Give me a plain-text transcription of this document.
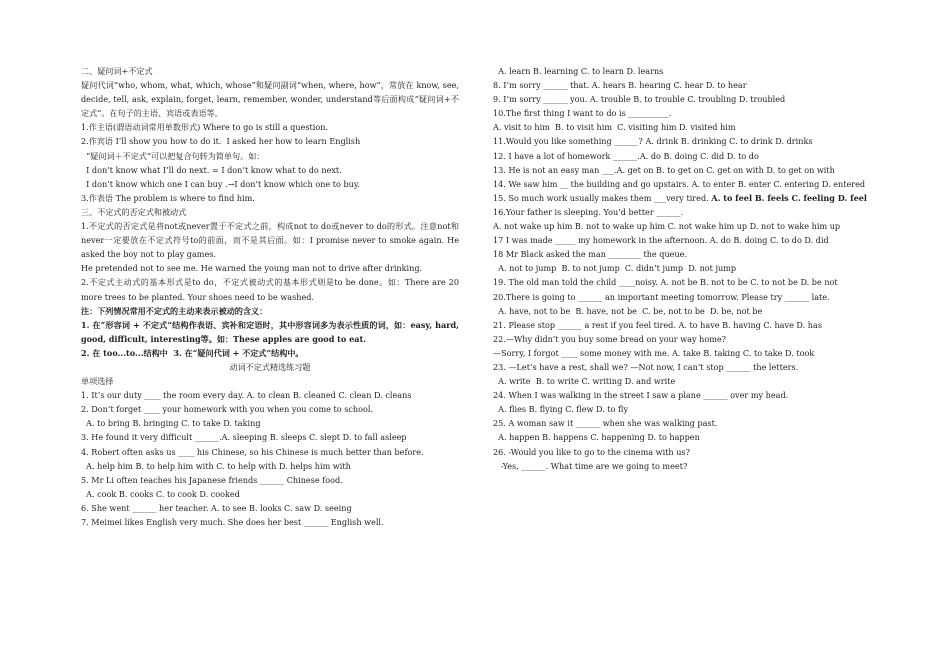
二、疑问词+不定式
疑问代词“who, whom, what, which, whose”和疑问副词“when, where, how”，常放在 know, see, decide, tell, ask, explain, forget, learn, remember, wonder, understand等后面构成“疑问词+不定式”。在句子的主语、宾语或表语等。
1.作主语(谓语动词常用单数形式) Where to go is still a question.
2.作宾语 I’ll show you how to do it.  I asked her how to learn English
“疑问词＋不定式”可以把复合句转为简单句。如：
I don’t know what I’ll do next. = I don’t know what to do next.
I don’t know which one I can buy .→I don’t know which one to buy.
3.作表语 The problem is where to find him.
三、不定式的否定式和被动式
1.不定式的否定式是将not或never置于不定式之前，构成not to do或never to do的形式。注意not和never一定要放在不定式符号to的前面，而不是其后面。如：I promise never to smoke again. He asked the boy not to play games.
He pretended not to see me. He warned the young man not to drive after drinking.
2.不定式主动式的基本形式是to do，不定式被动式的基本形式则是to be done。如：There are 20 more trees to be planted. Your shoes need to be washed.
注：下列情况常用不定式的主动来表示被动的含义：
1. 在“形容词 + 不定式”结构作表语、宾补和定语时，其中形容词多为表示性质的词，如：easy, hard, good, difficult, interesting等。如：These apples are good to eat.
2. 在 too...to...结构中  3. 在“疑问代词 + 不定式”结构中。
动词不定式精选练习题
单项选择
1. It’s our duty ____ the room every day. A. to clean B. cleaned C. clean D. cleans
2. Don’t forget ____ your homework with you when you come to school.
A. to bring B. bringing C. to take D. taking
3. He found it very difficult ______.A. sleeping B. sleeps C. slept D. to fall asleep
4. Robert often asks us ____ his Chinese, so his Chinese is much better than before.
A. help him B. to help him with C. to help with D. helps him with
5. Mr Li often teaches his Japanese friends ______ Chinese food.
A. cook B. cooks C. to cook D. cooked
6. She went ______ her teacher. A. to see B. looks C. saw D. seeing
7. Meimei likes English very much. She does her best ______ English well.
A. learn B. learning C. to learn D. learns
8. I’m sorry ______ that. A. hears B. hearing C. hear D. to hear
9. I’m sorry ______ you. A. trouble B. to trouble C. troubling D. troubled
10.The first thing I want to do is __________.
A. visit to him  B. to visit him  C. visiting him D. visited him
11.Would you like something ______? A. drink B. drinking C. to drink D. drinks
12. I have a lot of homework ______.A. do B. doing C. did D. to do
13. He is not an easy man ___.A. get on B. to get on C. get on with D. to get on with
14. We saw him __ the building and go upstairs. A. to enter B. enter C. entering D. entered
15. So much work usually makes them ___very tired. A. to feel B. feels C. feeling D. feel
16.Your father is sleeping. You’d better ______.
A. not wake up him B. not to wake up him C. not wake him up D. not to wake him up
17 I was made _____ my homework in the afternoon. A. do B. doing C. to do D. did
18 Mr Black asked the man ________ the queue.
A. not to jump  B. to not jump  C. didn’t jump  D. not jump
19. The old man told the child ____noisy. A. not be B. not to be C. to not be D. be not
20.There is going to ______ an important meeting tomorrow. Please try ______ late.
A. have, not to be  B. have, not be  C. be, not to be  D. be, not be
21. Please stop ______ a rest if you feel tired. A. to have B. having C. have D. has
22.—Why didn’t you buy some bread on your way home?
—Sorry, I forgot ____ some money with me. A. take B. taking C. to take D. took
23. —Let’s have a rest, shall we? —Not now, I can’t stop ______ the letters.
A. write  B. to write C. writing D. and write
24. When I was walking in the street I saw a plane ______ over my head.
A. flies B. flying C. flew D. to fly
25. A woman saw it ______ when she was walking past.
A. happen B. happens C. happening D. to happen
26. -Would you like to go to the cinema with us?
-Yes, ______. What time are we going to meet?
